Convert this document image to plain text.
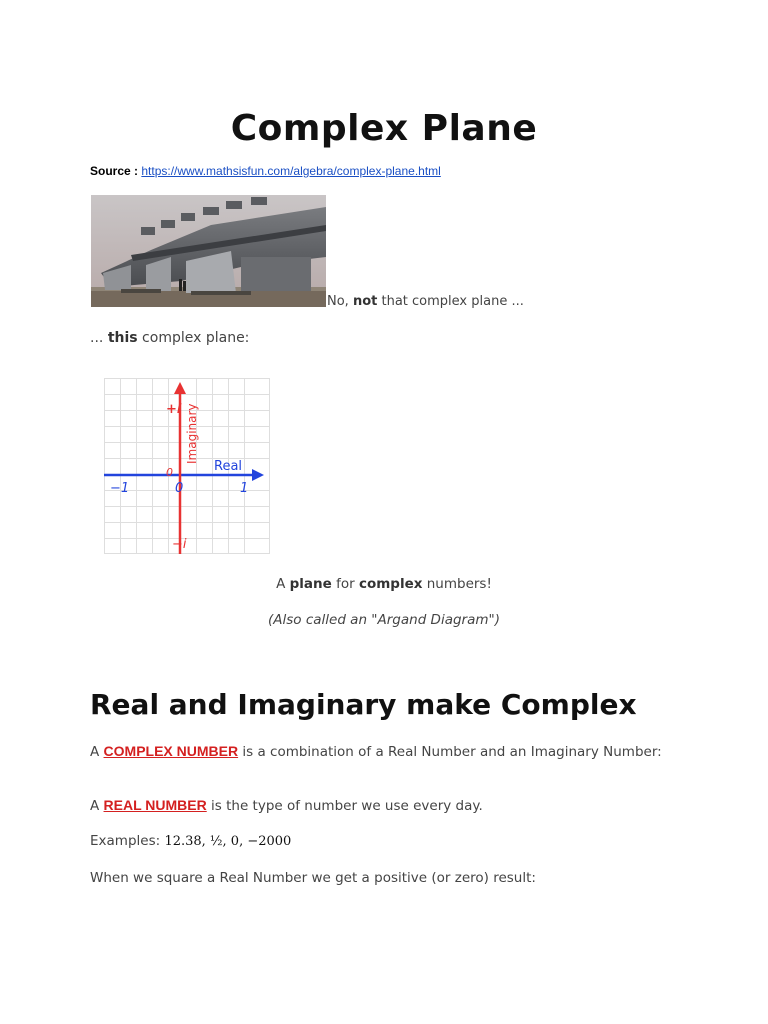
Complex Plane
Source : https://www.mathsisfun.com/algebra/complex-plane.html
No, not that complex plane ...
... this complex plane:
+i
−i
Imaginary
Real
0
−1	0	1
A plane for complex numbers!
(Also called an "Argand Diagram")
Real and Imaginary make Complex
A COMPLEX NUMBER is a combination of a Real Number and an Imaginary Number:
A REAL NUMBER is the type of number we use every day.
Examples: 12.38, ½, 0, −2000
When we square a Real Number we get a positive (or zero) result:
